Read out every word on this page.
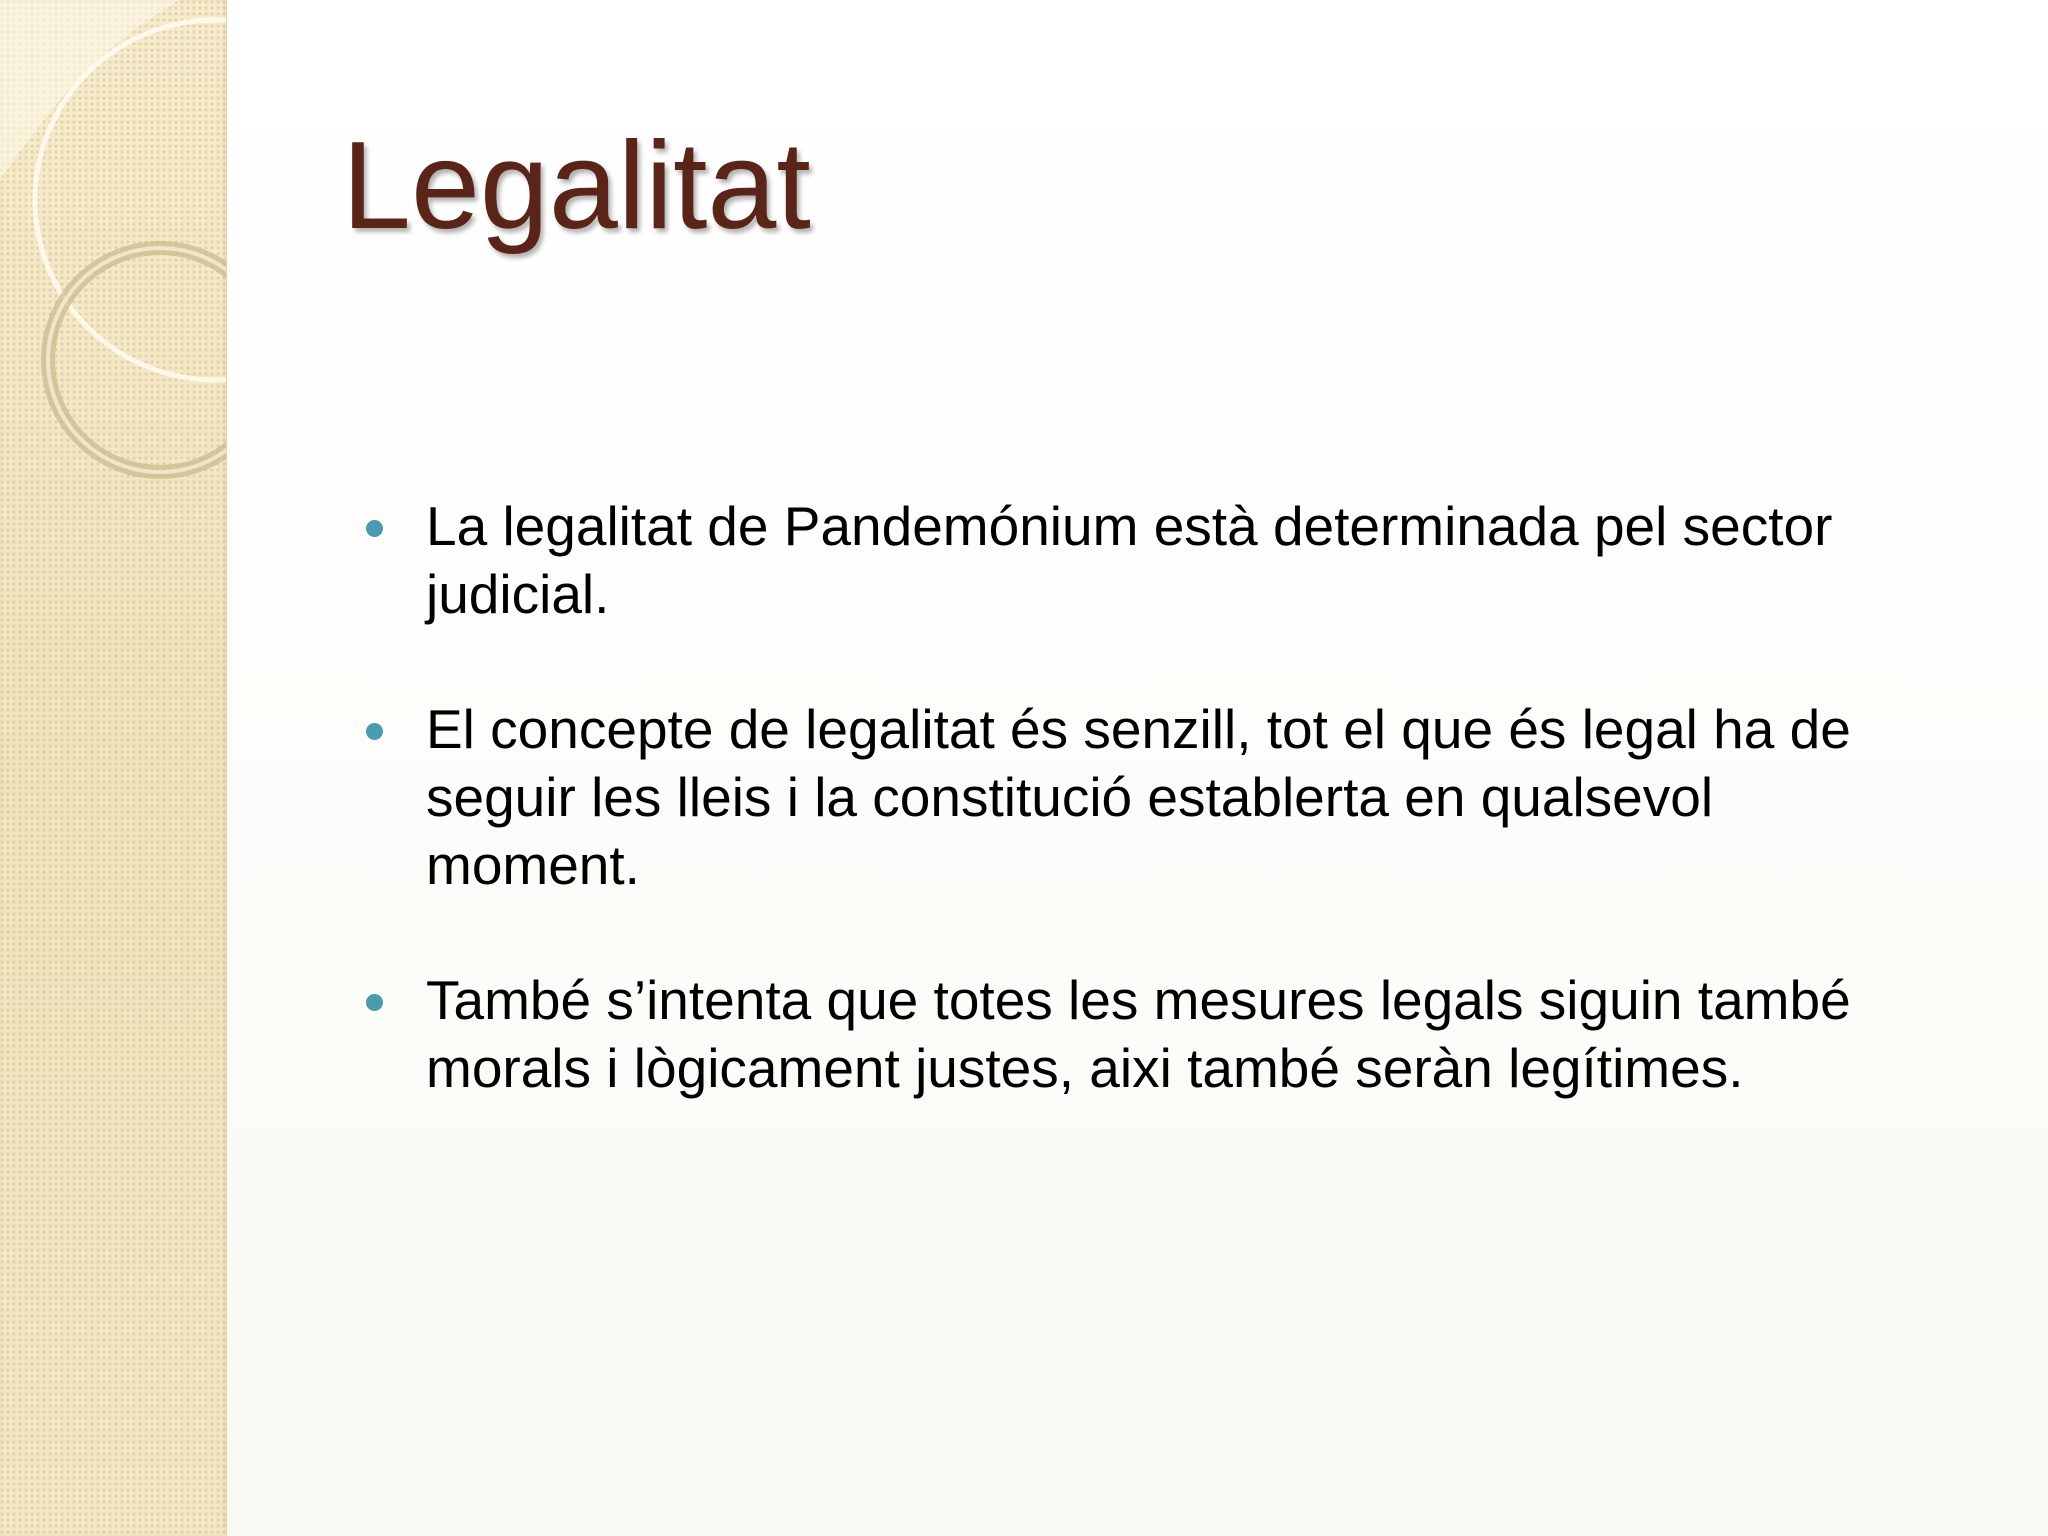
Legalitat
La legalitat de Pandemónium està determinada pel sector judicial.
El concepte de legalitat és senzill, tot el que és legal ha de seguir les lleis i la constitució establerta en qualsevol moment.
També s’intenta que totes les mesures legals siguin també morals i lògicament justes, aixi també seràn legítimes.
